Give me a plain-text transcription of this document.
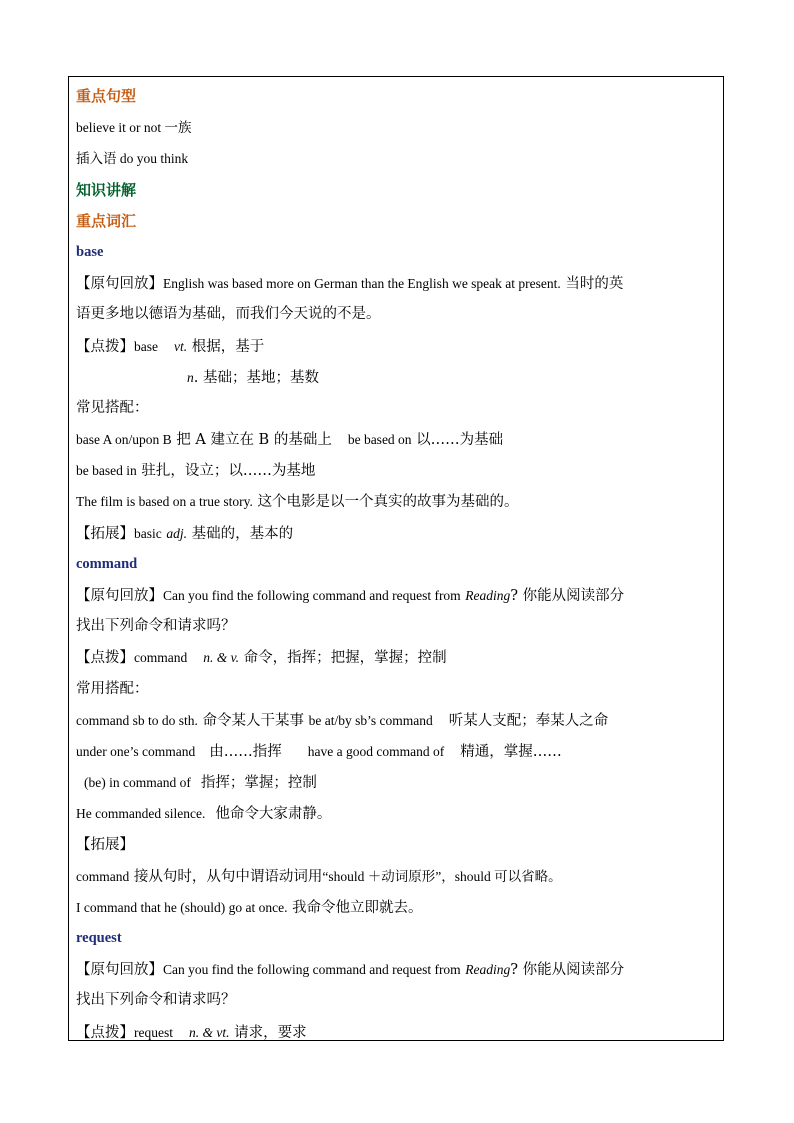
重点句型
believe it or not 一族
插入语 do you think
知识讲解
重点词汇
base
【原句回放】English was based more on German than the English we speak at present. 当时的英
语更多地以德语为基础，而我们今天说的不是。
【点拨】base vt. 根据，基于
n. 基础；基地；基数
常见搭配：
base A on/upon B 把 A 建立在 B 的基础上 be based on 以……为基础
be based in 驻扎，设立；以……为基地
The film is based on a true story. 这个电影是以一个真实的故事为基础的。
【拓展】basic adj. 基础的，基本的
command
【原句回放】Can you find the following command and request from Reading? 你能从阅读部分
找出下列命令和请求吗？
【点拨】command n. & v. 命令，指挥；把握，掌握；控制
常用搭配：
command sb to do sth. 命令某人干某事 be at/by sb’s command 听某人支配；奉某人之命
under one’s command 由……指挥 have a good command of 精通，掌握……
(be) in command of 指挥；掌握；控制
He commanded silence. 他命令大家肃静。
【拓展】
command 接从句时，从句中谓语动词用“should ＋动词原形”，should 可以省略。
I command that he (should) go at once. 我命令他立即就去。
request
【原句回放】Can you find the following command and request from Reading? 你能从阅读部分
找出下列命令和请求吗？
【点拨】request n. & vt. 请求，要求
